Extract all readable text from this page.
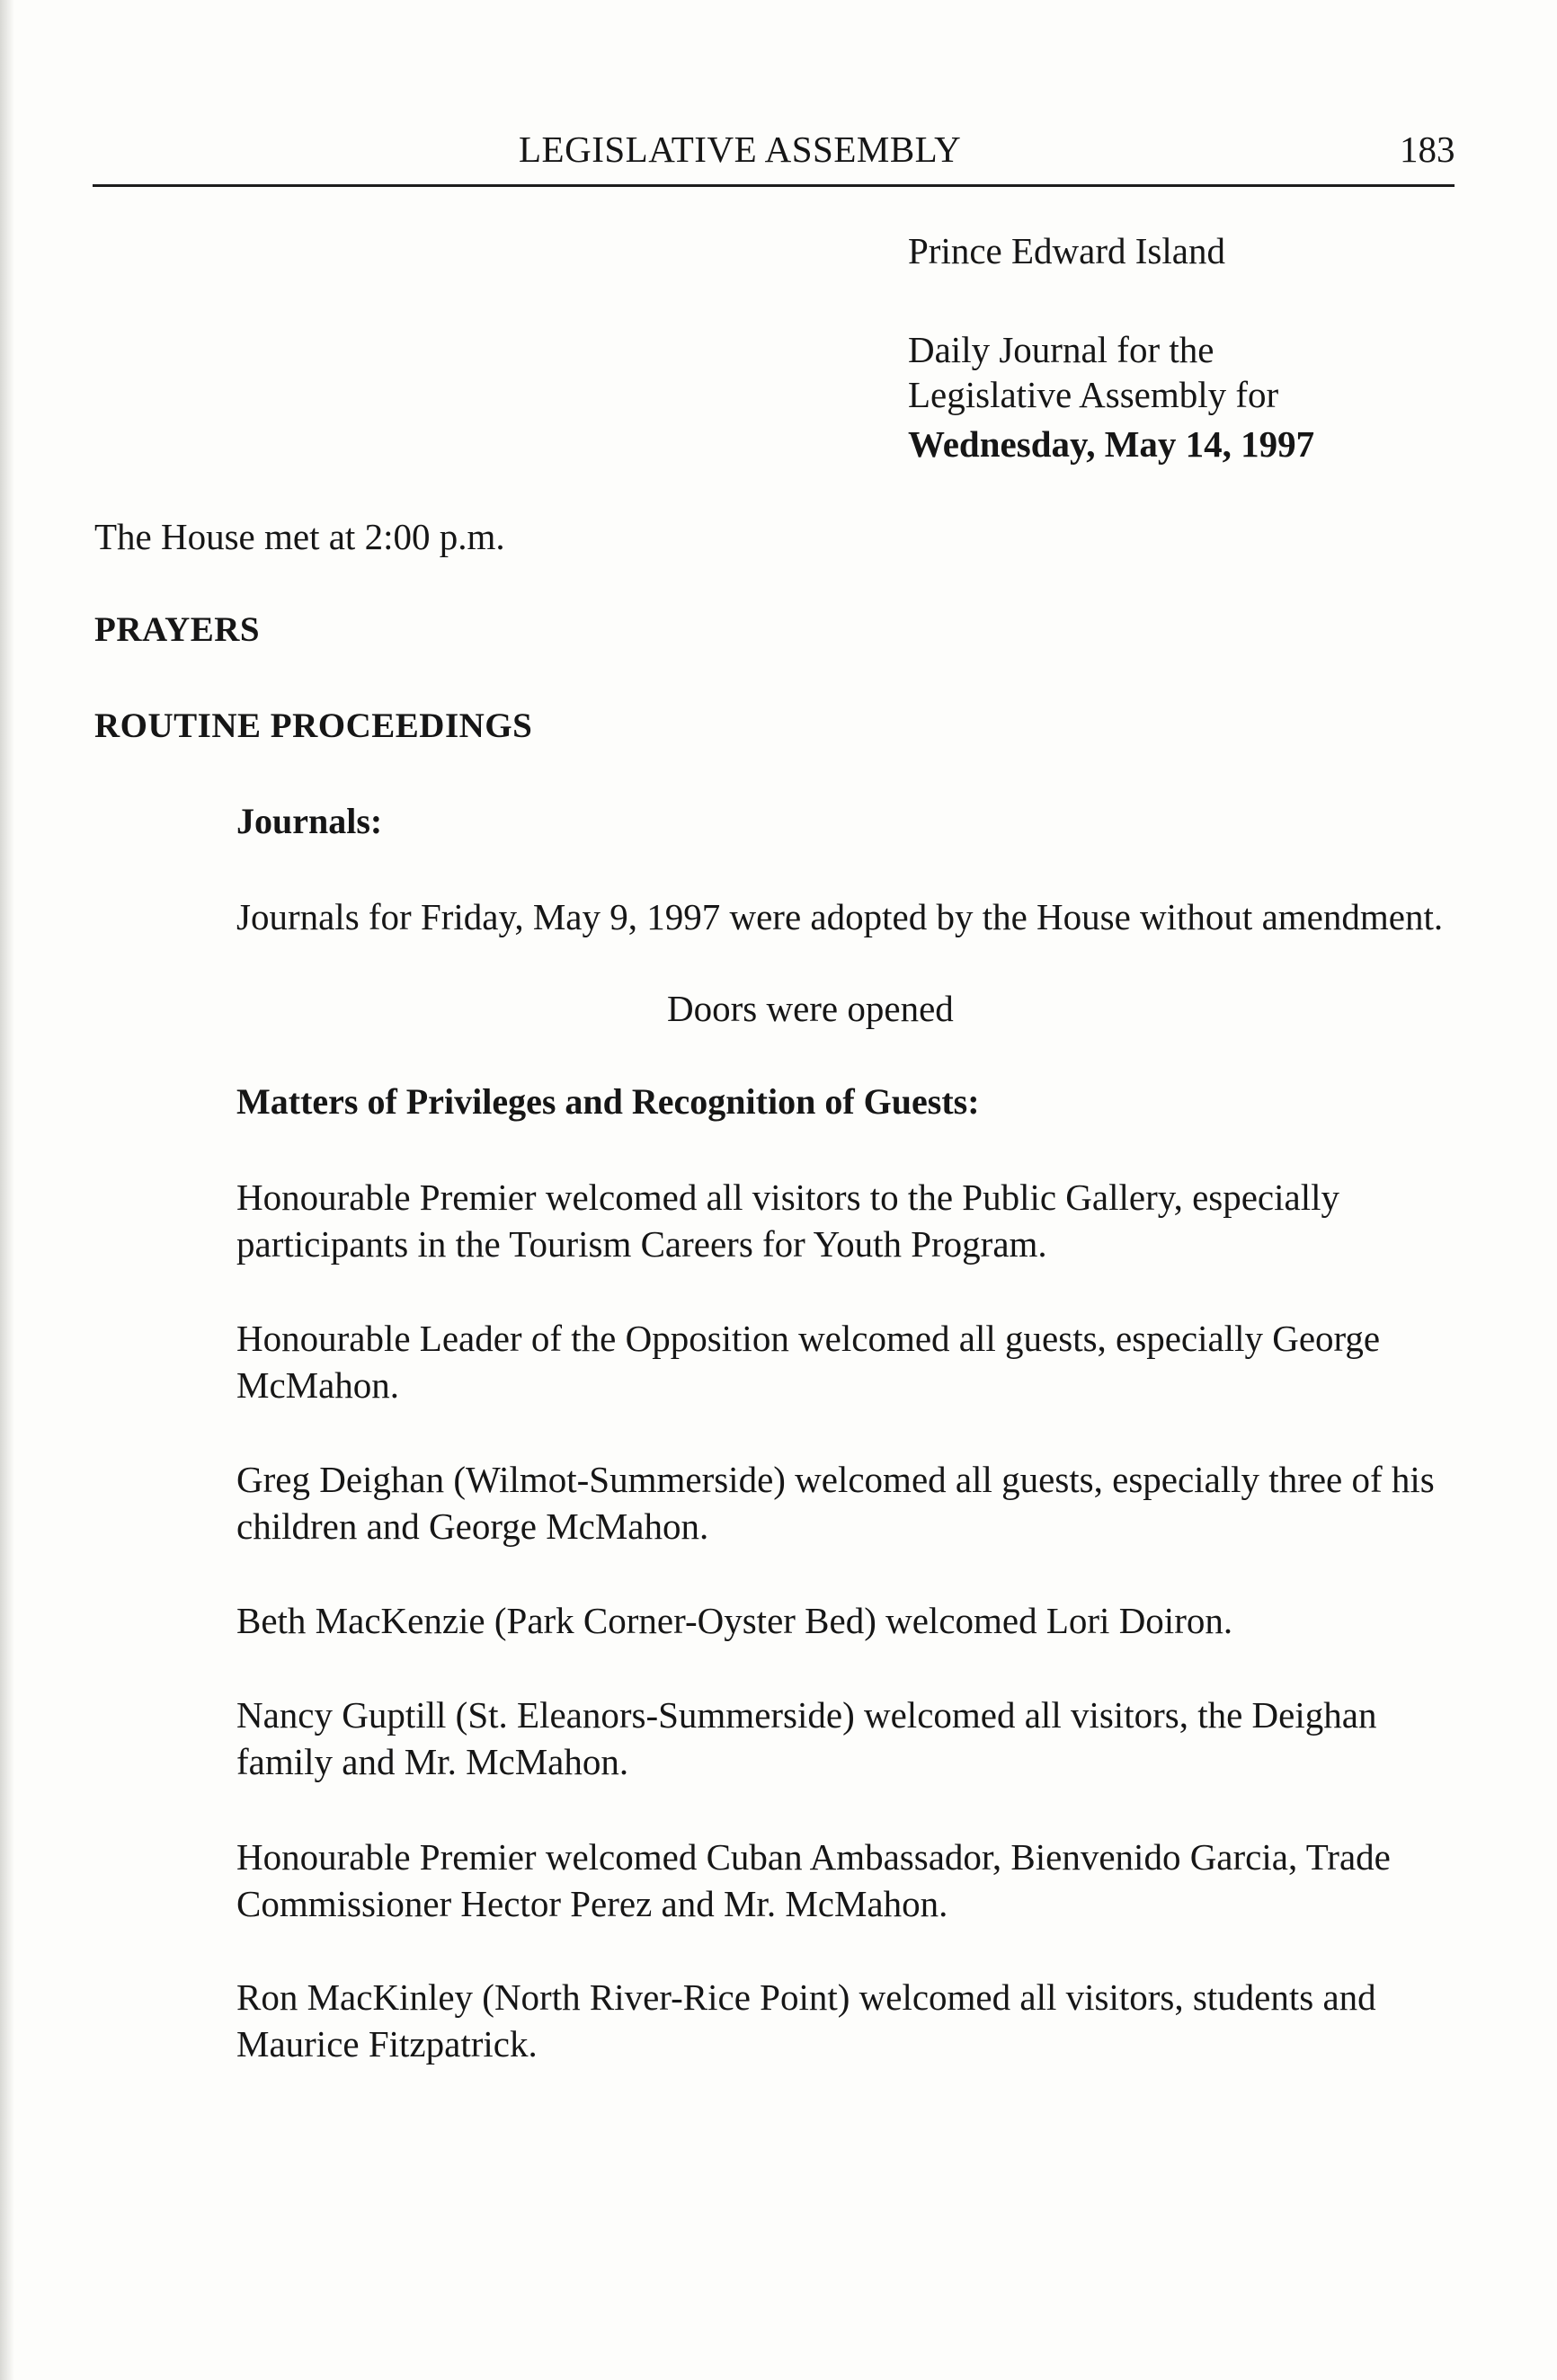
LEGISLATIVE ASSEMBLY	183
Prince Edward Island
Daily Journal for the
Legislative Assembly for
Wednesday, May 14, 1997
The House met at 2:00 p.m.
PRAYERS
ROUTINE PROCEEDINGS
Journals:

Journals for Friday, May 9, 1997 were adopted by the House without amendment.

Doors were opened
Matters of Privileges and Recognition of Guests:

Honourable Premier welcomed all visitors to the Public Gallery, especially participants in the Tourism Careers for Youth Program.

Honourable Leader of the Opposition welcomed all guests, especially George McMahon.

Greg Deighan (Wilmot-Summerside) welcomed all guests, especially three of his children and George McMahon.

Beth MacKenzie (Park Corner-Oyster Bed) welcomed Lori Doiron.

Nancy Guptill (St. Eleanors-Summerside) welcomed all visitors, the Deighan family and Mr. McMahon.

Honourable Premier welcomed Cuban Ambassador, Bienvenido Garcia, Trade Commissioner Hector Perez and Mr. McMahon.

Ron MacKinley (North River-Rice Point) welcomed all visitors, students and Maurice Fitzpatrick.
